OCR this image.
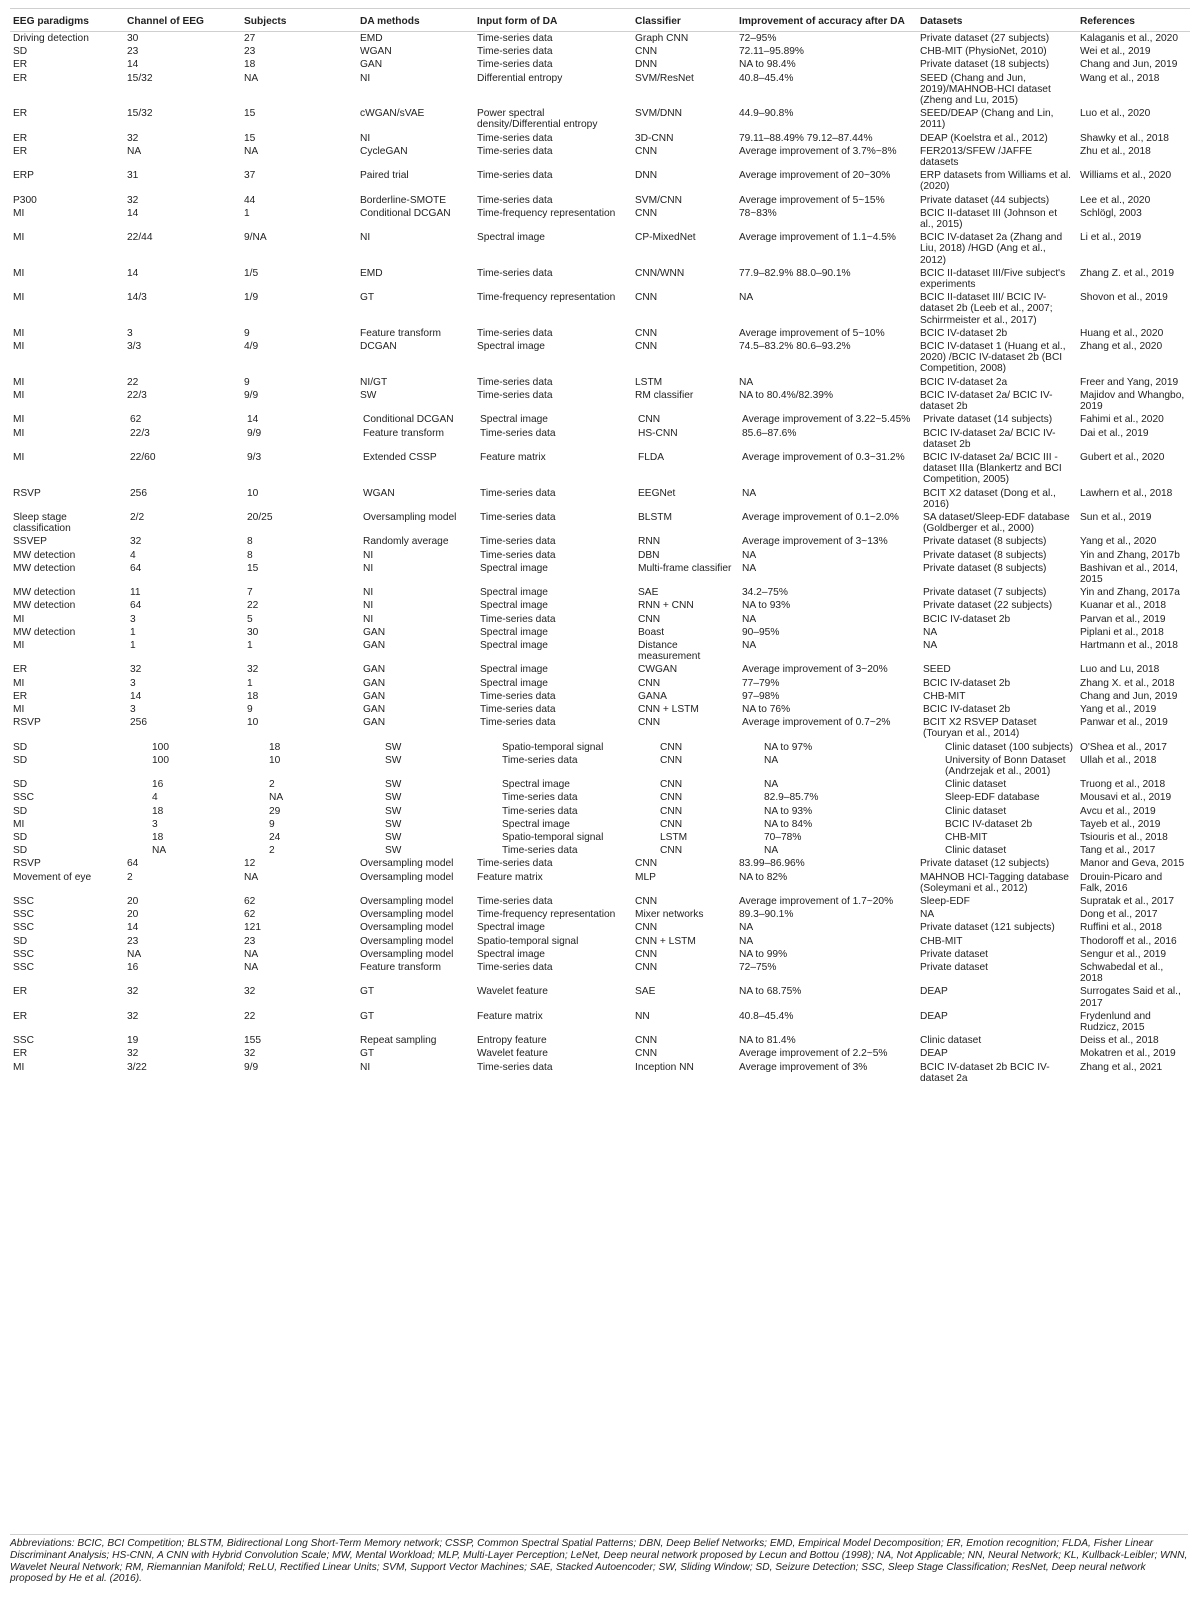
EEG paradigms	Channel of EEG	Subjects	DA methods	Input form of DA	Classifier	Improvement of accuracy after DA	Datasets	References
Driving detection	30	27	EMD	Time-series data	Graph CNN	72–95%	Private dataset (27 subjects)	Kalaganis et al., 2020
SD	23	23	WGAN	Time-series data	CNN	72.11–95.89%	CHB-MIT (PhysioNet, 2010)	Wei et al., 2019
ER	14	18	GAN	Time-series data	DNN	NA to 98.4%	Private dataset (18 subjects)	Chang and Jun, 2019
ER	15/32	NA	NI	Differential entropy	SVM/ResNet	40.8–45.4%	SEED (Chang and Jun, 2019)/MAHNOB-HCI dataset (Zheng and Lu, 2015)	Wang et al., 2018
ER	15/32	15	cWGAN/sVAE	Power spectral density/Differential entropy	SVM/DNN	44.9–90.8%	SEED/DEAP (Chang and Lin, 2011)	Luo et al., 2020
ER	32	15	NI	Time-series data	3D-CNN	79.11–88.49% 79.12–87.44%	DEAP (Koelstra et al., 2012)	Shawky et al., 2018
ER	NA	NA	CycleGAN	Time-series data	CNN	Average improvement of 3.7%~8%	FER2013/SFEW /JAFFE datasets	Zhu et al., 2018
ERP	31	37	Paired trial	Time-series data	DNN	Average improvement of 20~30%	ERP datasets from Williams et al. (2020)	Williams et al., 2020
P300	32	44	Borderline-SMOTE	Time-series data	SVM/CNN	Average improvement of 5~15%	Private dataset (44 subjects)	Lee et al., 2020
MI	14	1	Conditional DCGAN	Time-frequency representation	CNN	78~83%	BCIC II-dataset III (Johnson et al., 2015)	Schlögl, 2003
MI	22/44	9/NA	NI	Spectral image	CP-MixedNet	Average improvement of 1.1~4.5%	BCIC IV-dataset 2a (Zhang and Liu, 2018) /HGD (Ang et al., 2012)	Li et al., 2019
MI	14	1/5	EMD	Time-series data	CNN/WNN	77.9–82.9% 88.0–90.1%	BCIC II-dataset III/Five subject's experiments	Zhang Z. et al., 2019
MI	14/3	1/9	GT	Time-frequency representation	CNN	NA	BCIC II-dataset III/ BCIC IV-dataset 2b (Leeb et al., 2007; Schirrmeister et al., 2017)	Shovon et al., 2019
MI	3	9	Feature transform	Time-series data	CNN	Average improvement of 5~10%	BCIC IV-dataset 2b	Huang et al., 2020
MI	3/3	4/9	DCGAN	Spectral image	CNN	74.5–83.2% 80.6–93.2%	BCIC IV-dataset 1 (Huang et al., 2020) /BCIC IV-dataset 2b (BCI Competition, 2008)	Zhang et al., 2020
MI	22	9	NI/GT	Time-series data	LSTM	NA	BCIC IV-dataset 2a	Freer and Yang, 2019
MI	22/3	9/9	SW	Time-series data	RM classifier	NA to 80.4%/82.39%	BCIC IV-dataset 2a/ BCIC IV-dataset 2b	Majidov and Whangbo, 2019
MI	62	14	Conditional DCGAN	Spectral image	CNN	Average improvement of 3.22~5.45%	Private dataset (14 subjects)	Fahimi et al., 2020
MI	22/3	9/9	Feature transform	Time-series data	HS-CNN	85.6–87.6%	BCIC IV-dataset 2a/ BCIC IV-dataset 2b	Dai et al., 2019
MI	22/60	9/3	Extended CSSP	Feature matrix	FLDA	Average improvement of 0.3~31.2%	BCIC IV-dataset 2a/ BCIC III -dataset IIIa (Blankertz and BCI Competition, 2005)	Gubert et al., 2020
RSVP	256	10	WGAN	Time-series data	EEGNet	NA	BCIT X2 dataset (Dong et al., 2016)	Lawhern et al., 2018
Sleep stage classification	2/2	20/25	Oversampling model	Time-series data	BLSTM	Average improvement of 0.1~2.0%	SA dataset/Sleep-EDF database (Goldberger et al., 2000)	Sun et al., 2019
SSVEP	32	8	Randomly average	Time-series data	RNN	Average improvement of 3~13%	Private dataset (8 subjects)	Yang et al., 2020
MW detection	4	8	NI	Time-series data	DBN	NA	Private dataset (8 subjects)	Yin and Zhang, 2017b
MW detection	64	15	NI	Spectral image	Multi-frame classifier	NA	Private dataset (8 subjects)	Bashivan et al., 2014, 2015
MW detection	11	7	NI	Spectral image	SAE	34.2–75%	Private dataset (7 subjects)	Yin and Zhang, 2017a
MW detection	64	22	NI	Spectral image	RNN + CNN	NA to 93%	Private dataset (22 subjects)	Kuanar et al., 2018
MI	3	5	NI	Time-series data	CNN	NA	BCIC IV-dataset 2b	Parvan et al., 2019
MW detection	1	30	GAN	Spectral image	Boast	90–95%	NA	Piplani et al., 2018
MI	1	1	GAN	Spectral image	Distance measurement	NA	NA	Hartmann et al., 2018
ER	32	32	GAN	Spectral image	CWGAN	Average improvement of 3~20%	SEED	Luo and Lu, 2018
MI	3	1	GAN	Spectral image	CNN	77–79%	BCIC IV-dataset 2b	Zhang X. et al., 2018
ER	14	18	GAN	Time-series data	GANA	97–98%	CHB-MIT	Chang and Jun, 2019
MI	3	9	GAN	Time-series data	CNN + LSTM	NA to 76%	BCIC IV-dataset 2b	Yang et al., 2019
RSVP	256	10	GAN	Time-series data	CNN	Average improvement of 0.7~2%	BCIT X2 RSVEP Dataset (Touryan et al., 2014)	Panwar et al., 2019
SD	100	18	SW	Spatio-temporal signal	CNN	NA to 97%	Clinic dataset (100 subjects)	O'Shea et al., 2017
SD	100	10	SW	Time-series data	CNN	NA	University of Bonn Dataset (Andrzejak et al., 2001)	Ullah et al., 2018
SD	16	2	SW	Spectral image	CNN	NA	Clinic dataset	Truong et al., 2018
SSC	4	NA	SW	Time-series data	CNN	82.9–85.7%	Sleep-EDF database	Mousavi et al., 2019
SD	18	29	SW	Time-series data	CNN	NA to 93%	Clinic dataset	Avcu et al., 2019
MI	3	9	SW	Spectral image	CNN	NA to 84%	BCIC IV-dataset 2b	Tayeb et al., 2019
SD	18	24	SW	Spatio-temporal signal	LSTM	70–78%	CHB-MIT	Tsiouris et al., 2018
SD	NA	2	SW	Time-series data	CNN	NA	Clinic dataset	Tang et al., 2017
RSVP	64	12	Oversampling model	Time-series data	CNN	83.99–86.96%	Private dataset (12 subjects)	Manor and Geva, 2015
Movement of eye	2	NA	Oversampling model	Feature matrix	MLP	NA to 82%	MAHNOB HCI-Tagging database (Soleymani et al., 2012)	Drouin-Picaro and Falk, 2016
SSC	20	62	Oversampling model	Time-series data	CNN	Average improvement of 1.7~20%	Sleep-EDF	Supratak et al., 2017
SSC	20	62	Oversampling model	Time-frequency representation	Mixer networks	89.3–90.1%	NA	Dong et al., 2017
SSC	14	121	Oversampling model	Spectral image	CNN	NA	Private dataset (121 subjects)	Ruffini et al., 2018
SD	23	23	Oversampling model	Spatio-temporal signal	CNN + LSTM	NA	CHB-MIT	Thodoroff et al., 2016
SSC	NA	NA	Oversampling model	Spectral image	CNN	NA to 99%	Private dataset	Sengur et al., 2019
SSC	16	NA	Feature transform	Time-series data	CNN	72–75%	Private dataset	Schwabedal et al., 2018
ER	32	32	GT	Wavelet feature	SAE	NA to 68.75%	DEAP	Surrogates Said et al., 2017
ER	32	22	GT	Feature matrix	NN	40.8–45.4%	DEAP	Frydenlund and Rudzicz, 2015
SSC	19	155	Repeat sampling	Entropy feature	CNN	NA to 81.4%	Clinic dataset	Deiss et al., 2018
ER	32	32	GT	Wavelet feature	CNN	Average improvement of 2.2~5%	DEAP	Mokatren et al., 2019
MI	3/22	9/9	NI	Time-series data	Inception NN	Average improvement of 3%	BCIC IV-dataset 2b BCIC IV-dataset 2a	Zhang et al., 2021
Abbreviations: BCIC, BCI Competition; BLSTM, Bidirectional Long Short-Term Memory network; CSSP, Common Spectral Spatial Patterns; DBN, Deep Belief Networks; EMD, Empirical Model Decomposition; ER, Emotion recognition; FLDA, Fisher Linear Discriminant Analysis; HS-CNN, A CNN with Hybrid Convolution Scale; MW, Mental Workload; MLP, Multi-Layer Perception; LeNet, Deep neural network proposed by Lecun and Bottou (1998); NA, Not Applicable; NN, Neural Network; KL, Kullback-Leibler; WNN, Wavelet Neural Network; RM, Riemannian Manifold; ReLU, Rectified Linear Units; SVM, Support Vector Machines; SAE, Stacked Autoencoder; SW, Sliding Window; SD, Seizure Detection; SSC, Sleep Stage Classification; ResNet, Deep neural network proposed by He et al. (2016).
